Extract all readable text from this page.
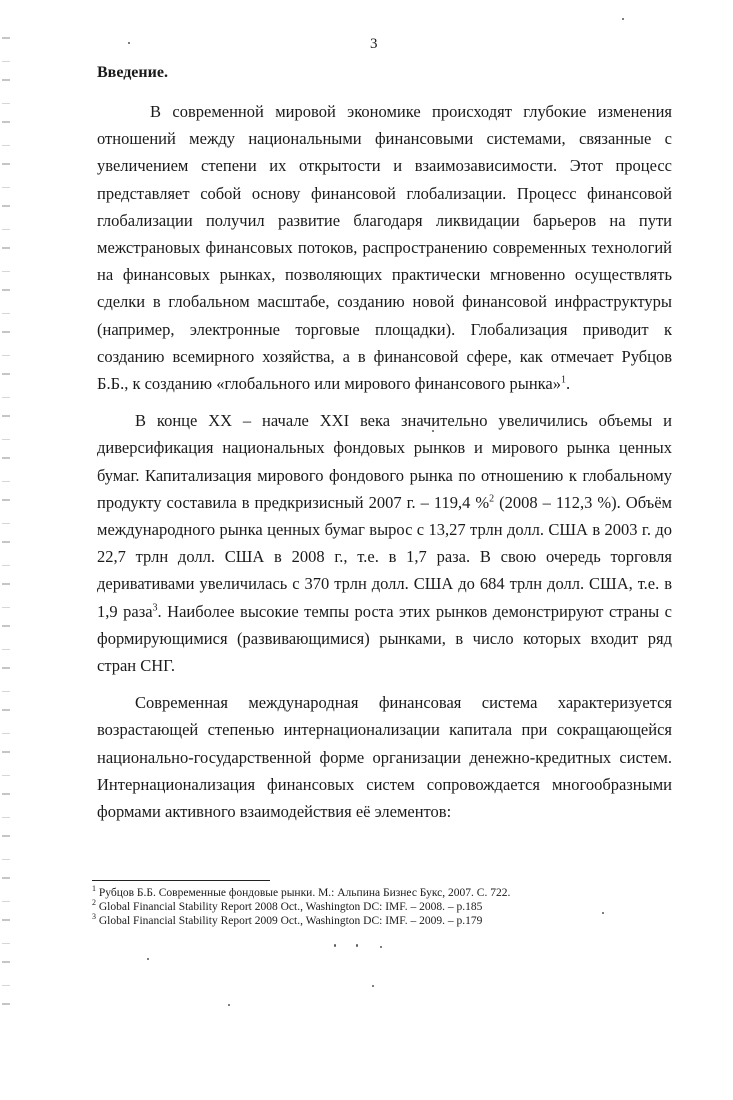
3
Введение.

В современной мировой экономике происходят глубокие изменения отношений между национальными финансовыми системами, связанные с увеличением степени их открытости и взаимозависимости. Этот процесс представляет собой основу финансовой глобализации. Процесс финансовой глобализации получил развитие благодаря ликвидации барьеров на пути межстрановых финансовых потоков, распространению современных технологий на финансовых рынках, позволяющих практически мгновенно осуществлять сделки в глобальном масштабе, созданию новой финансовой инфраструктуры (например, электронные торговые площадки). Глобализация приводит к созданию всемирного хозяйства, а в финансовой сфере, как отмечает Рубцов Б.Б., к созданию «глобального или мирового финансового рынка»$^1$.

В конце XX – начале XXI века значительно увеличились объемы и диверсификация национальных фондовых рынков и мирового рынка ценных бумаг. Капитализация мирового фондового рынка по отношению к глобальному продукту составила в предкризисный 2007 г. – 119,4 %$^2$ (2008 – 112,3 %). Объём международного рынка ценных бумаг вырос с 13,27 трлн долл. США в 2003 г. до 22,7 трлн долл. США в 2008 г., т.е. в 1,7 раза. В свою очередь торговля деривативами увеличилась с 370 трлн долл. США до 684 трлн долл. США, т.е. в 1,9 раза$^3$. Наиболее высокие темпы роста этих рынков демонстрируют страны с формирующимися (развивающимися) рынками, в число которых входит ряд стран СНГ.

Современная международная финансовая система характеризуется возрастающей степенью интернационализации капитала при сокращающейся национально-государственной форме организации денежно-кредитных систем. Интернационализация финансовых систем сопровождается многообразными формами активного взаимодействия её элементов:

$^1$ Рубцов Б.Б. Современные фондовые рынки. М.: Альпина Бизнес Букс, 2007. С. 722.
$^2$ Global Financial Stability Report 2008 Oct., Washington DC: IMF. – 2008. – p.185
$^3$ Global Financial Stability Report 2009 Oct., Washington DC: IMF. – 2009. – p.179
